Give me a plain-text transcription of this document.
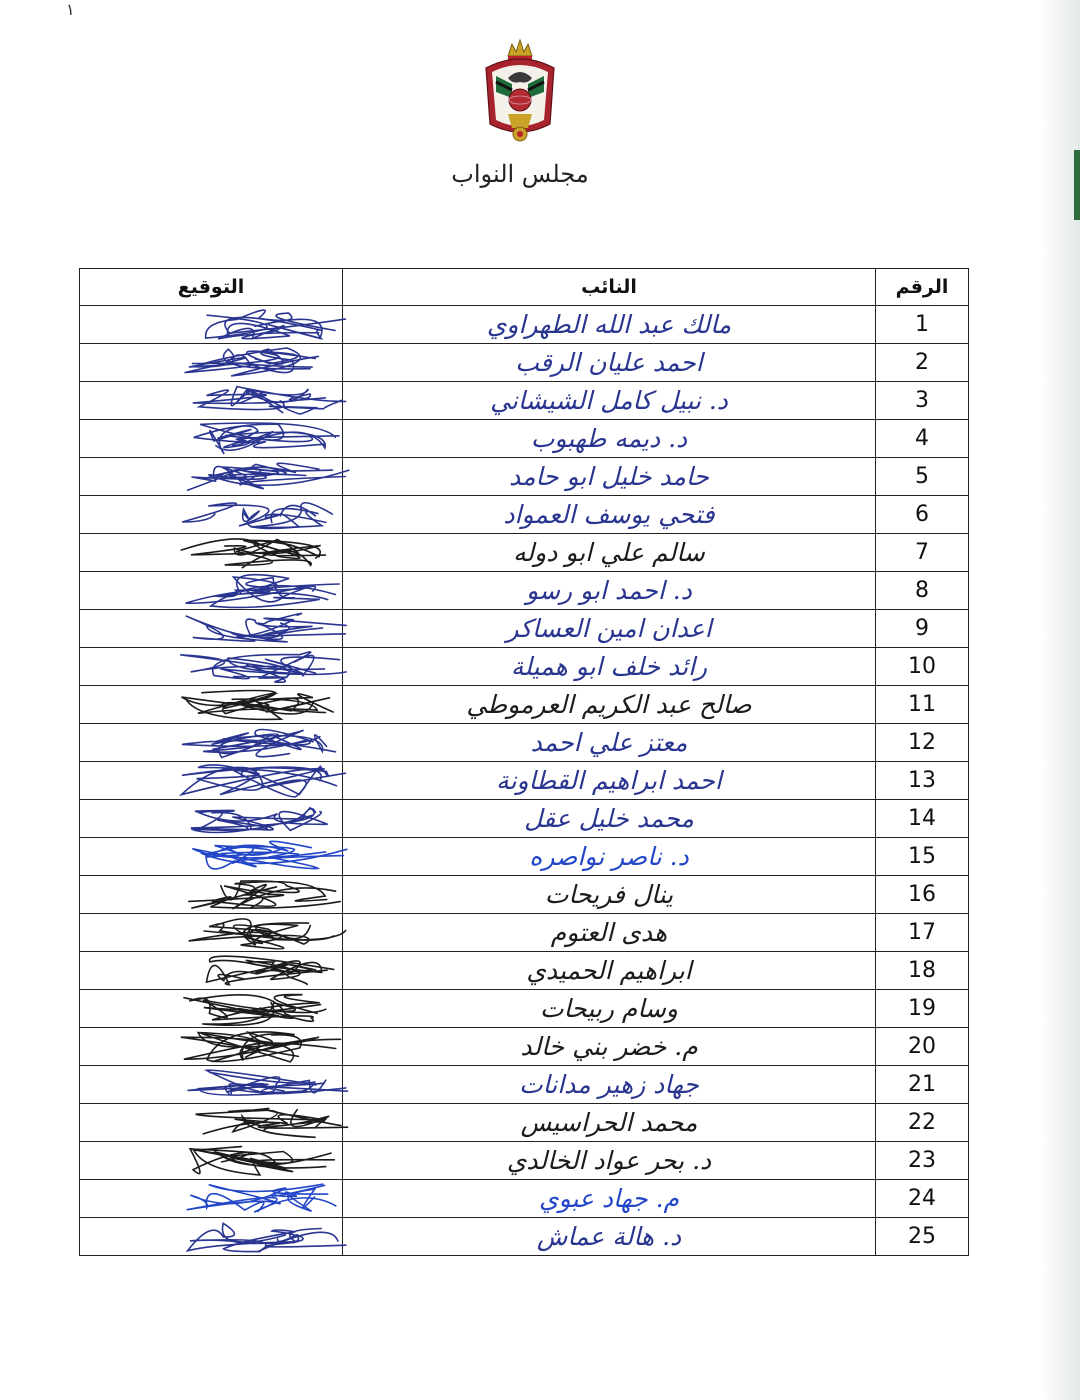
١
مجلس النواب
الرقم	النائب	التوقيع
1	مالك عبد الله الطهراوي	

2	احمد عليان الرقب	

3	د. نبيل كامل الشيشاني	

4	د. ديمه طهبوب	

5	حامد خليل ابو حامد	

6	فتحي يوسف العمواد	

7	سالم علي ابو دوله	

8	د. احمد ابو رسو	

9	اعدان امين العساكر	

10	رائد خلف ابو هميلة	

11	صالح عبد الكريم العرموطي	

12	معتز علي احمد	

13	احمد ابراهيم القطاونة	

14	محمد خليل عقل	

15	د. ناصر نواصره	

16	ينال فريحات	

17	هدى العتوم	

18	ابراهيم الحميدي	

19	وسام ربيحات	

20	م. خضر بني خالد	

21	جهاد زهير مدانات	

22	محمد الحراسيس	

23	د. بحر عواد الخالدي	

24	م. جهاد عبوي	

25	د. هالة عماش	
